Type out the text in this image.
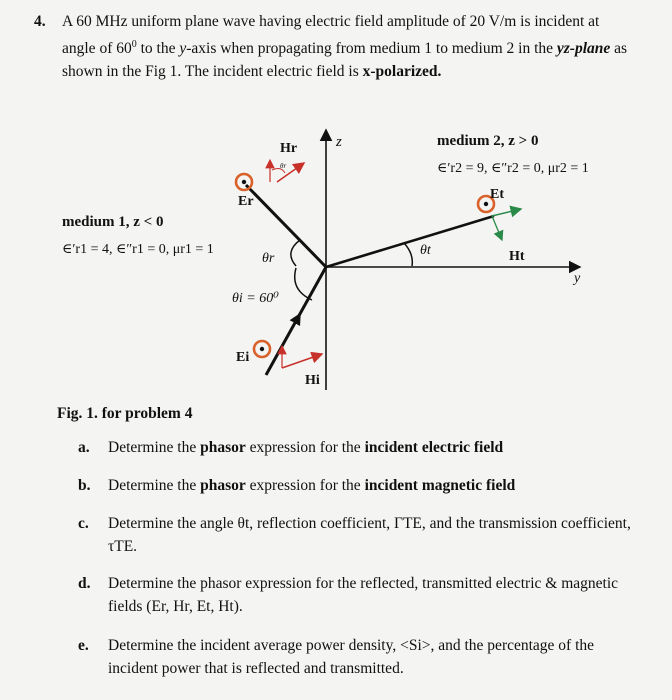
4. A 60 MHz uniform plane wave having electric field amplitude of 20 V/m is incident at angle of $60^0$ to the y-axis when propagating from medium 1 to medium 2 in the yz-plane as shown in the Fig 1. The incident electric field is x-polarized.
z
y
medium 1, z < 0
∈′r1 = 4, ∈″r1 = 0, μr1 = 1
medium 2, z > 0
∈′r2 = 9, ∈″r2 = 0, μr2 = 1
θr
θi = 60⁰
θt
Hr
θr
Er	Et
Ht
Ei
Hi
Fig. 1. for problem 4
a. Determine the phasor expression for the incident electric field
b. Determine the phasor expression for the incident magnetic field
c. Determine the angle θt, reflection coefficient, ΓTE, and the transmission coefficient, τTE.
d. Determine the phasor expression for the reflected, transmitted electric & magnetic fields (Er, Hr, Et, Ht).
e. Determine the incident average power density, <Si>, and the percentage of the incident power that is reflected and transmitted.
